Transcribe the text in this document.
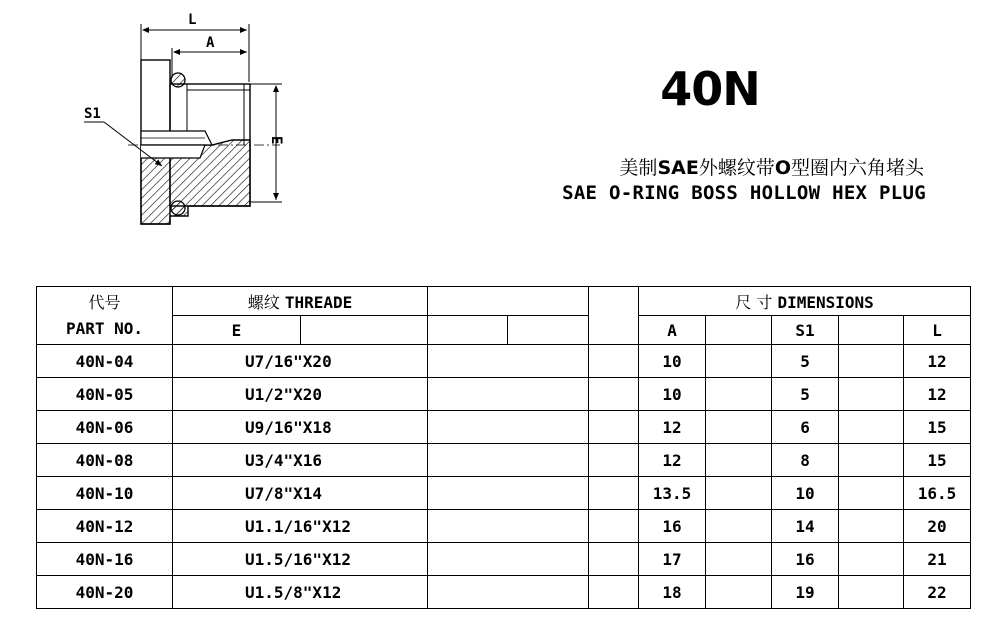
L
A
E
S1	40N
美制SAE外螺纹带O型圈内六角堵头
SAE O-RING BOSS HOLLOW HEX PLUG
代号
PART NO.	螺纹 THREADE					尺 寸 DIMENSIONS				
	E					A		S1		L
40N-04	U7/16"X20					10		5		12
40N-05	U1/2"X20					10		5		12
40N-06	U9/16"X18					12		6		15
40N-08	U3/4"X16					12		8		15
40N-10	U7/8"X14					13.5		10		16.5
40N-12	U1.1/16"X12					16		14		20
40N-16	U1.5/16"X12					17		16		21
40N-20	U1.5/8"X12					18		19		22
